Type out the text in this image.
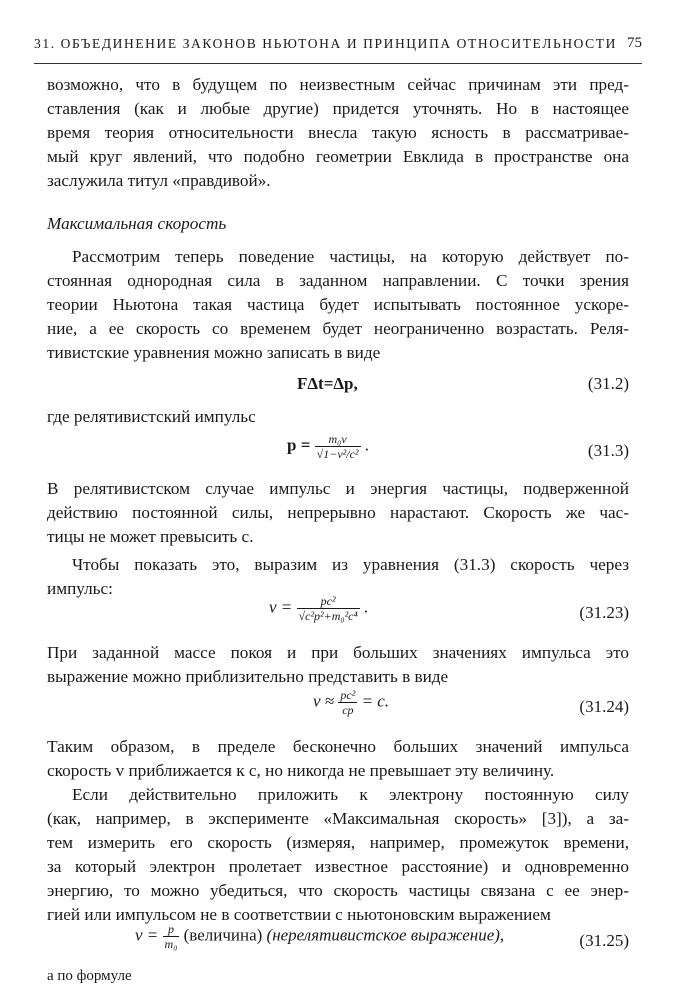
31. ОБЪЕДИНЕНИЕ ЗАКОНОВ НЬЮТОНА И ПРИНЦИПА ОТНОСИТЕЛЬНОСТИ 75
возможно, что в будущем по неизвестным сейчас причинам эти пред-
ставления (как и любые другие) придется уточнять. Но в настоящее
время теория относительности внесла такую ясность в рассматривае-
мый круг явлений, что подобно геометрии Евклида в пространстве она
заслужила титул «правдивой».
Максимальная скорость
Рассмотрим теперь поведение частицы, на которую действует по-
стоянная однородная сила в заданном направлении. С точки зрения
теории Ньютона такая частица будет испытывать постоянное ускоре-
ние, а ее скорость со временем будет неограниченно возрастать. Реля-
тивистские уравнения можно записать в виде
FΔt=Δp,	(31.2)
где релятивистский импульс
$p = \frac{\text{m₀v}}{\text{√1−v²/c²}}$ .	(31.3)
В релятивистском случае импульс и энергия частицы, подверженной
действию постоянной силы, непрерывно нарастают. Скорость же час-
тицы не может превысить c.
Чтобы показать это, выразим из уравнения (31.3) скорость через
импульс:
$v = \frac{\text{pc²}}{\text{√c²p²+m₀²c⁴}}$ .	(31.23)
При заданной массе покоя и при больших значениях импульса это
выражение можно приблизительно представить в виде
$v \approx \frac{\text{pc²}}{cp} = c$.	(31.24)
Таким образом, в пределе бесконечно больших значений импульса
скорость v приближается к c, но никогда не превышает эту величину.
Если действительно приложить к электрону постоянную силу
(как, например, в эксперименте «Максимальная скорость» [3]), а за-
тем измерить его скорость (измеряя, например, промежуток времени,
за который электрон пролетает известное расстояние) и одновременно
энергию, то можно убедиться, что скорость частицы связана с ее энер-
гией или импульсом не в соответствии с ньютоновским выражением
$v = \frac{p}{\text{m₀}}$ (величина) (нерелятивистское выражение),	(31.25)
а по формуле
